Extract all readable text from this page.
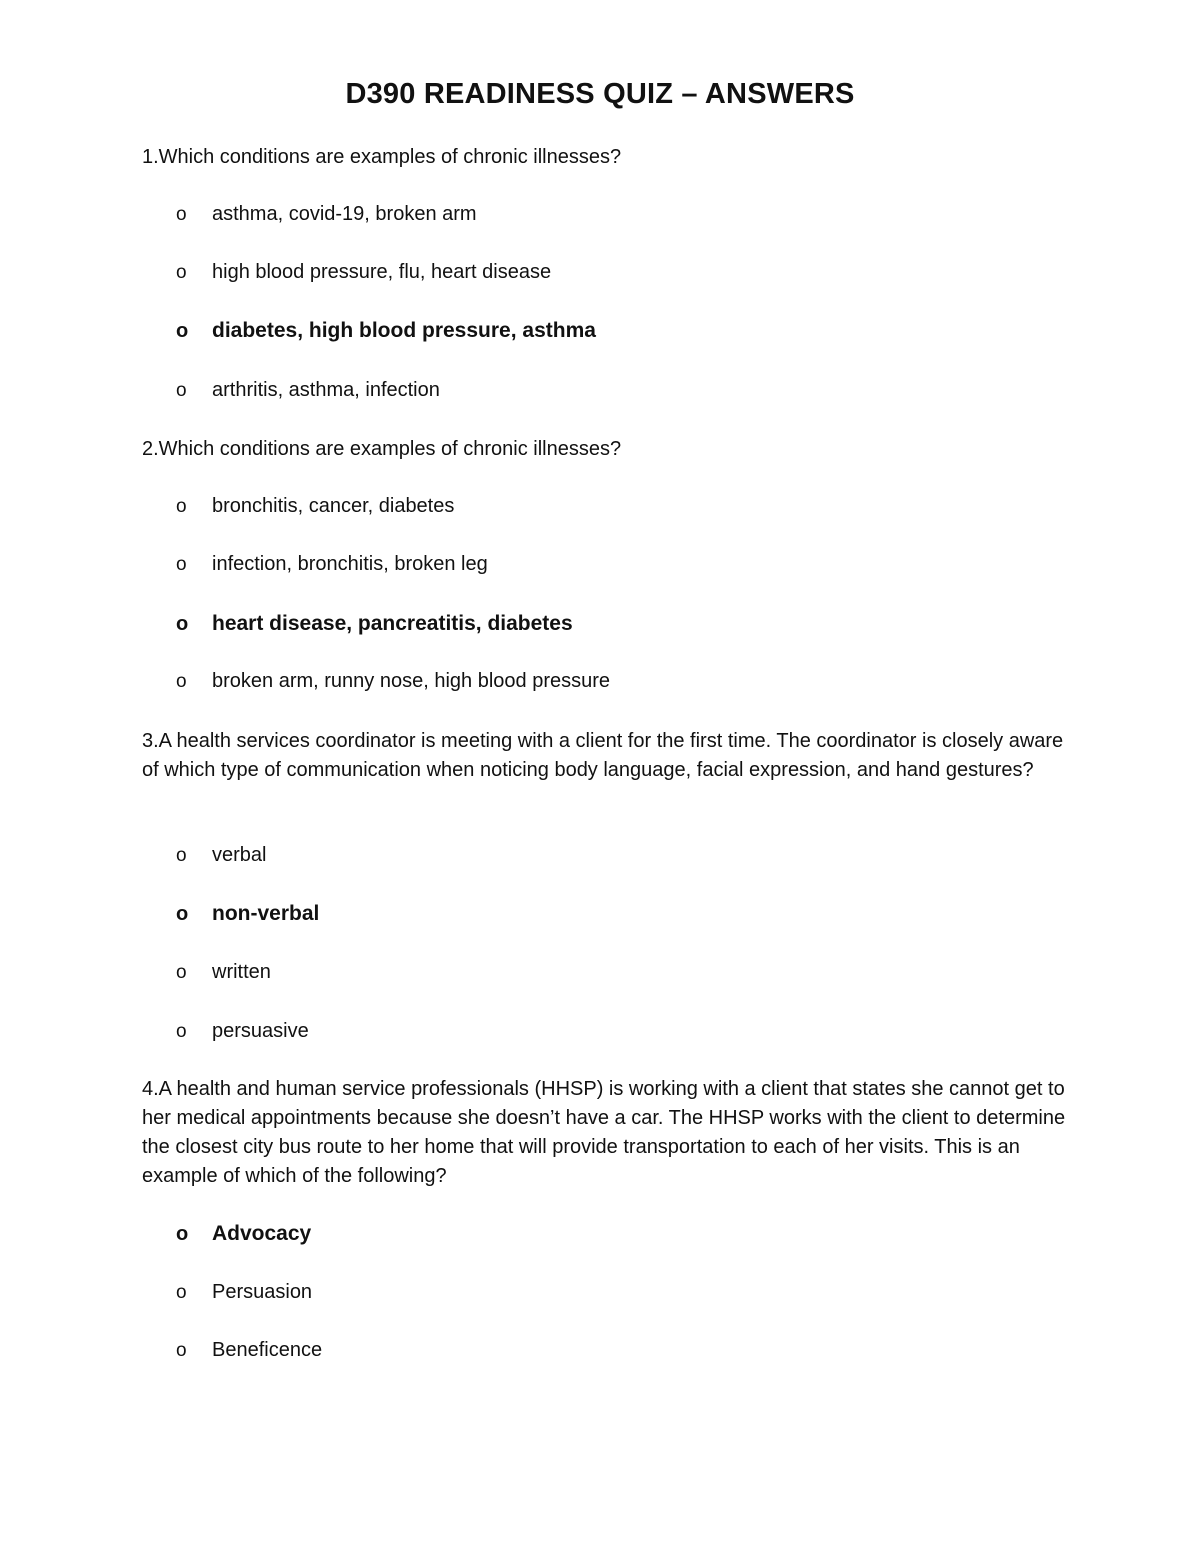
D390 READINESS QUIZ – ANSWERS
1.Which conditions are examples of chronic illnesses?
o asthma, covid-19, broken arm
o high blood pressure, flu, heart disease
o diabetes, high blood pressure, asthma
o arthritis, asthma, infection
2.Which conditions are examples of chronic illnesses?
o bronchitis, cancer, diabetes
o infection, bronchitis, broken leg
o heart disease, pancreatitis, diabetes
o broken arm, runny nose, high blood pressure
3.A health services coordinator is meeting with a client for the first time. The coordinator is closely aware of which type of communication when noticing body language, facial expression, and hand gestures?
o verbal
o non-verbal
o written
o persuasive
4.A health and human service professionals (HHSP) is working with a client that states she cannot get to her medical appointments because she doesn’t have a car. The HHSP works with the client to determine the closest city bus route to her home that will provide transportation to each of her visits. This is an example of which of the following?
o Advocacy
o Persuasion
o Beneficence
